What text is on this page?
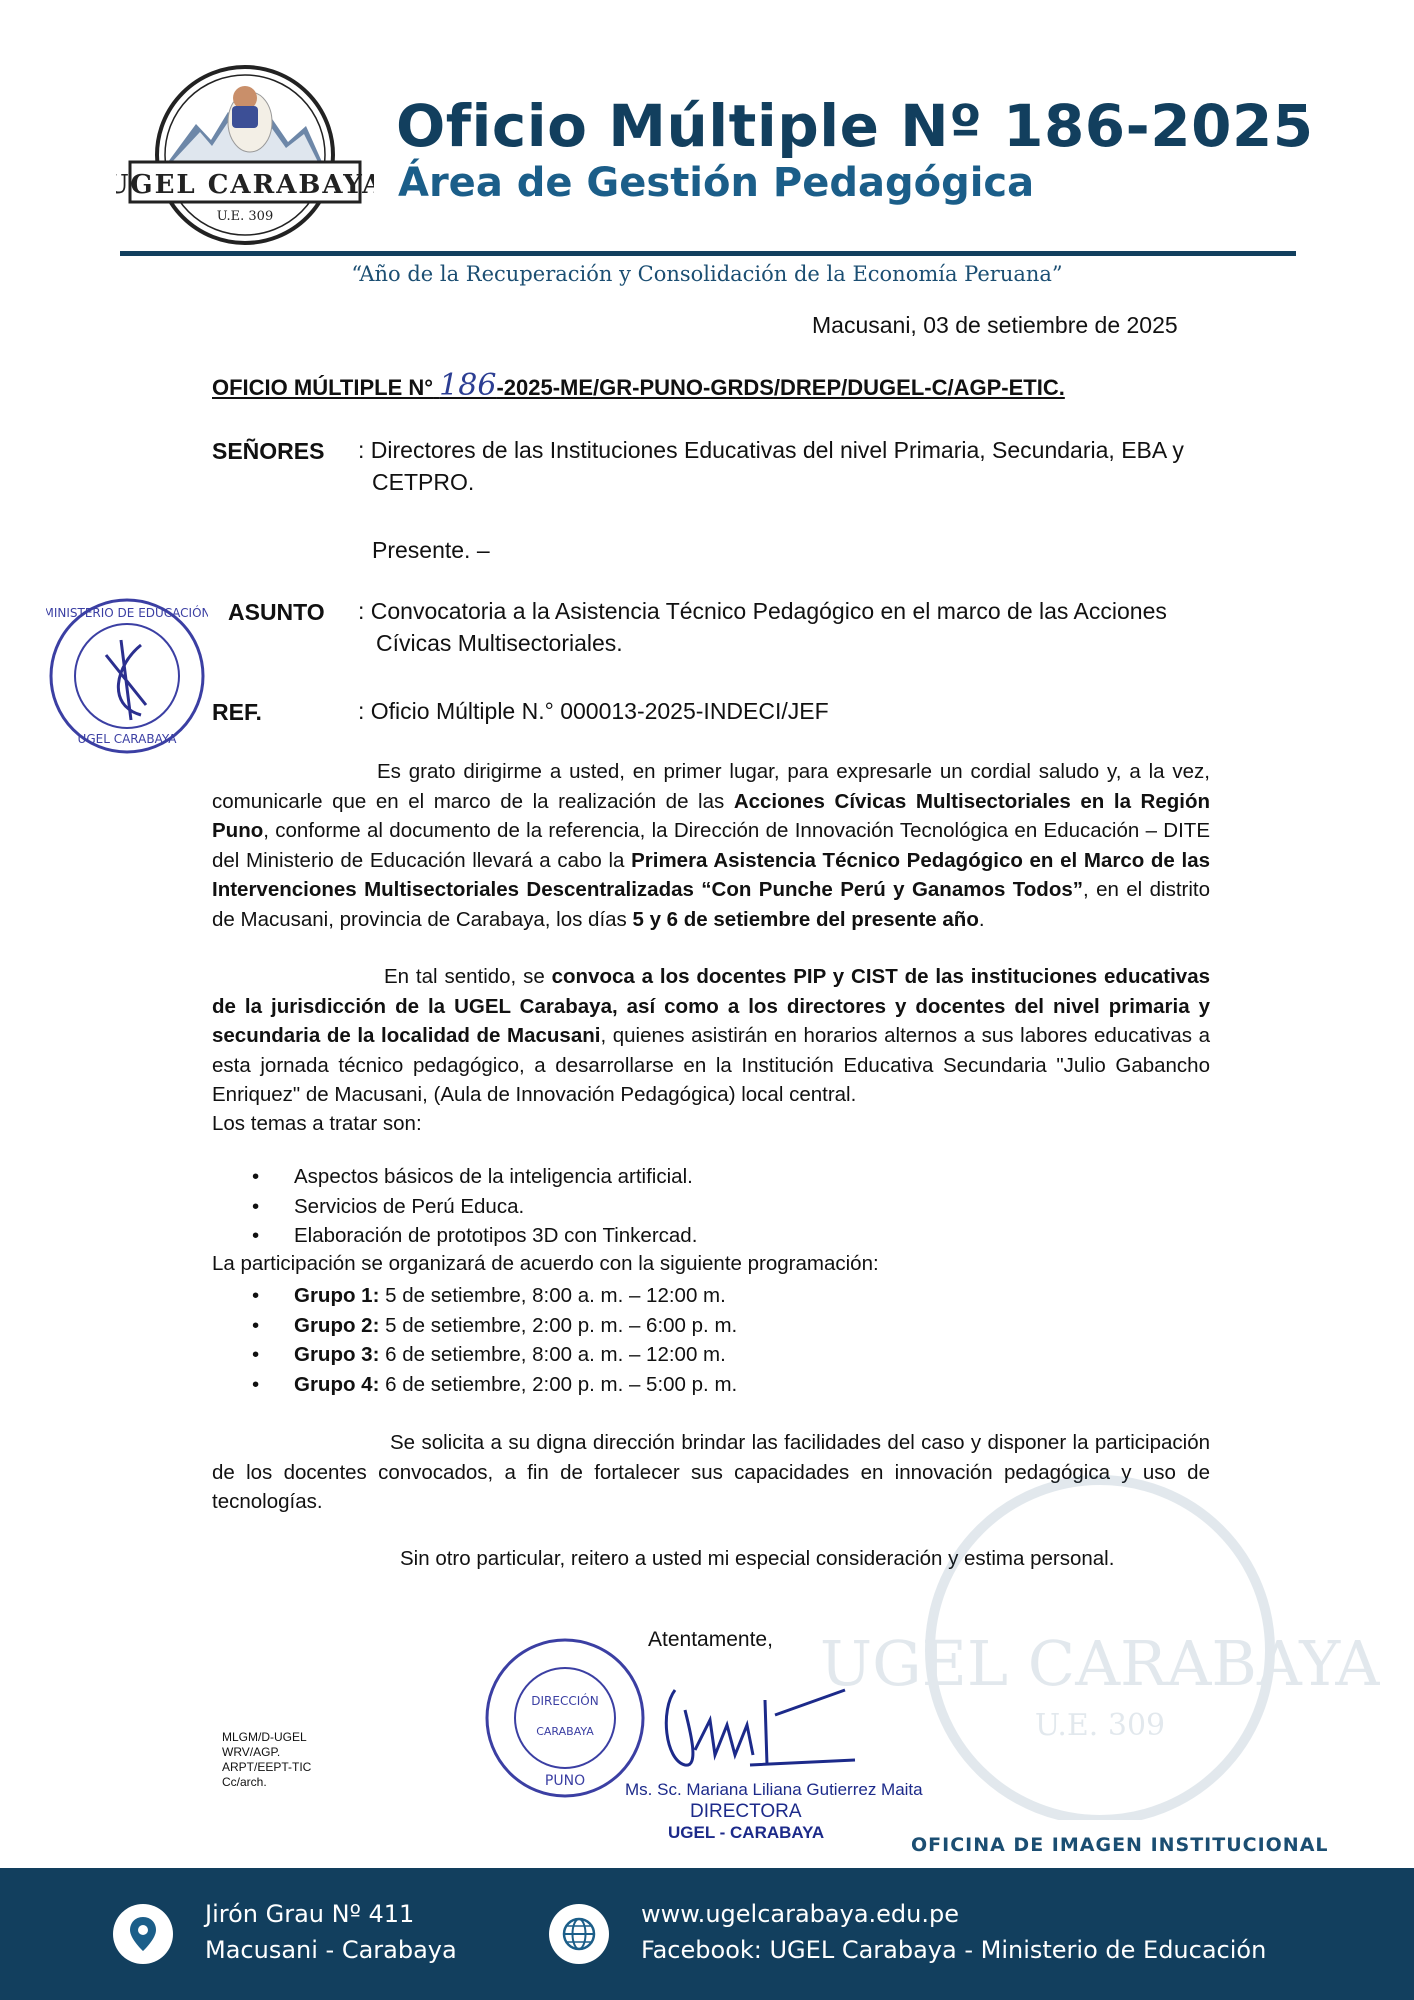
UGEL CARABAYA
U.E. 309
Oficio Múltiple Nº 186-2025
Área de Gestión Pedagógica
“Año de la Recuperación y Consolidación de la Economía Peruana”
Macusani, 03 de setiembre de 2025
OFICIO MÚLTIPLE N° 186-2025-ME/GR-PUNO-GRDS/DREP/DUGEL-C/AGP-ETIC.
SEÑORES : Directores de las Instituciones Educativas del nivel Primaria, Secundaria, EBA y
CETPRO.
Presente. –
ASUNTO : Convocatoria a la Asistencia Técnico Pedagógico en el marco de las Acciones
Cívicas Multisectoriales.
REF.	: Oficio Múltiple N.° 000013-2025-INDECI/JEF
MINISTERIO DE EDUCACIÓN
UGEL CARABAYA
Es grato dirigirme a usted, en primer lugar, para expresarle un cordial saludo y, a la vez, comunicarle que en el marco de la realización de las Acciones Cívicas Multisectoriales en la Región Puno, conforme al documento de la referencia, la Dirección de Innovación Tecnológica en Educación – DITE del Ministerio de Educación llevará a cabo la Primera Asistencia Técnico Pedagógico en el Marco de las Intervenciones Multisectoriales Descentralizadas “Con Punche Perú y Ganamos Todos”, en el distrito de Macusani, provincia de Carabaya, los días 5 y 6 de setiembre del presente año.
En tal sentido, se convoca a los docentes PIP y CIST de las instituciones educativas de la jurisdicción de la UGEL Carabaya, así como a los directores y docentes del nivel primaria y secundaria de la localidad de Macusani, quienes asistirán en horarios alternos a sus labores educativas a esta jornada técnico pedagógico, a desarrollarse en la Institución Educativa Secundaria "Julio Gabancho Enriquez" de Macusani, (Aula de Innovación Pedagógica) local central.
Los temas a tratar son:
• Aspectos básicos de la inteligencia artificial.
• Servicios de Perú Educa.
• Elaboración de prototipos 3D con Tinkercad.
La participación se organizará de acuerdo con la siguiente programación:
• Grupo 1: 5 de setiembre, 8:00 a. m. – 12:00 m.
• Grupo 2: 5 de setiembre, 2:00 p. m. – 6:00 p. m.
• Grupo 3: 6 de setiembre, 8:00 a. m. – 12:00 m.
• Grupo 4: 6 de setiembre, 2:00 p. m. – 5:00 p. m.
Se solicita a su digna dirección brindar las facilidades del caso y disponer la participación de los docentes convocados, a fin de fortalecer sus capacidades en innovación pedagógica y uso de tecnologías.
Sin otro particular, reitero a usted mi especial consideración y estima personal.
UGEL CARABAYA
U.E. 309
Atentamente,
MLGM/D-UGEL
WRV/AGP.
ARPT/EEPT-TIC
Cc/arch.
DIRECCIÓN
CARABAYA
PUNO Ms. Sc. Mariana Liliana Gutierrez Maita
DIRECTORA
UGEL - CARABAYA
OFICINA DE IMAGEN INSTITUCIONAL
Jirón Grau Nº 411
Macusani - Carabaya
www.ugelcarabaya.edu.pe
Facebook: UGEL Carabaya - Ministerio de Educación
